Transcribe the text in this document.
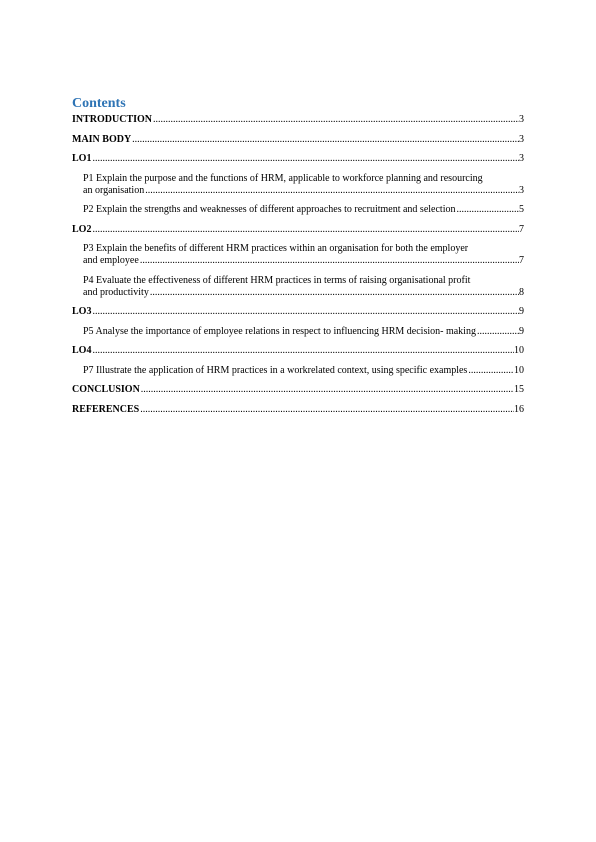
Contents
INTRODUCTION .....	3
MAIN BODY .....	3
LO1 .....	3
P1 Explain the purpose and the functions of HRM, applicable to workforce planning and resourcing
an organisation .....	3
P2 Explain the strengths and weaknesses of different approaches to recruitment and selection .....	5
LO2 .....	7
P3 Explain the benefits of different HRM practices within an organisation for both the employer
and employee .....	7
P4 Evaluate the effectiveness of different HRM practices in terms of raising organisational profit
and productivity .....	8
LO3 .....	9
P5 Analyse the importance of employee relations in respect to influencing HRM decision- making .....	9
LO4 .....	10
P7 Illustrate the application of HRM practices in a workrelated context, using specific examples .....	10
CONCLUSION .....	15
REFERENCES .....	16
